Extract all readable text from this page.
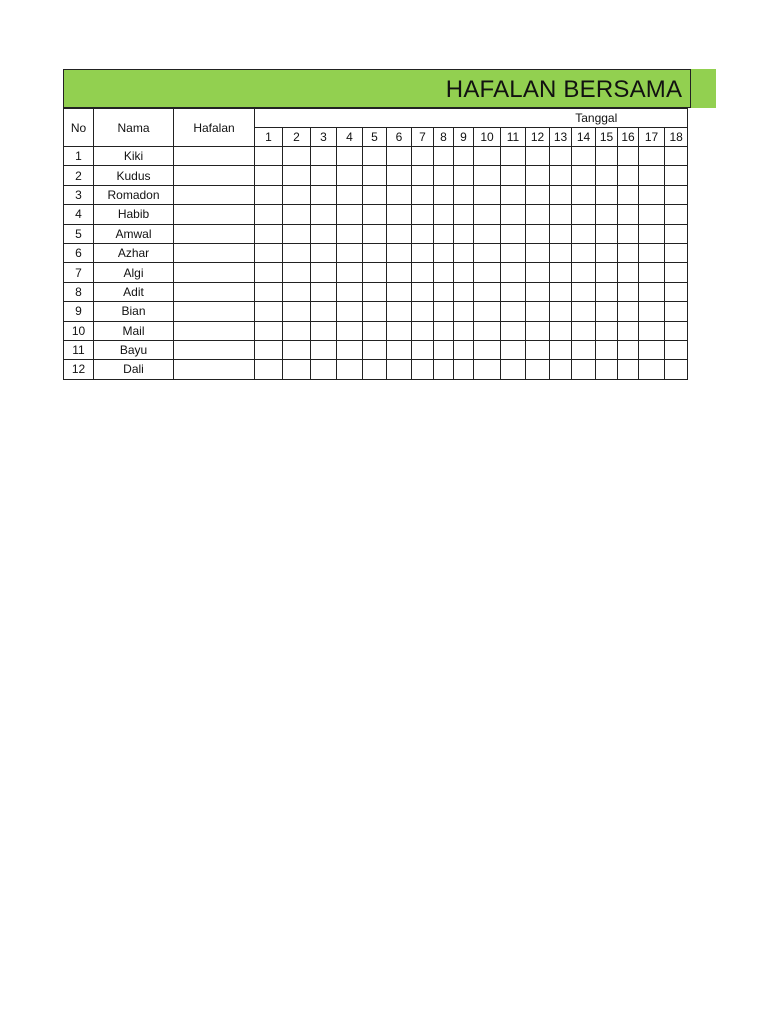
HAFALAN BERSAMA
No	Nama	Hafalan	Tanggal																	
			1	2	3	4	5	6	7	8	9	10	11	12	13	14	15	16	17	18
1	Kiki																			
2	Kudus																			
3	Romadon																			
4	Habib																			
5	Amwal																			
6	Azhar																			
7	Algi																			
8	Adit																			
9	Bian																			
10	Mail																			
11	Bayu																			
12	Dali																			
